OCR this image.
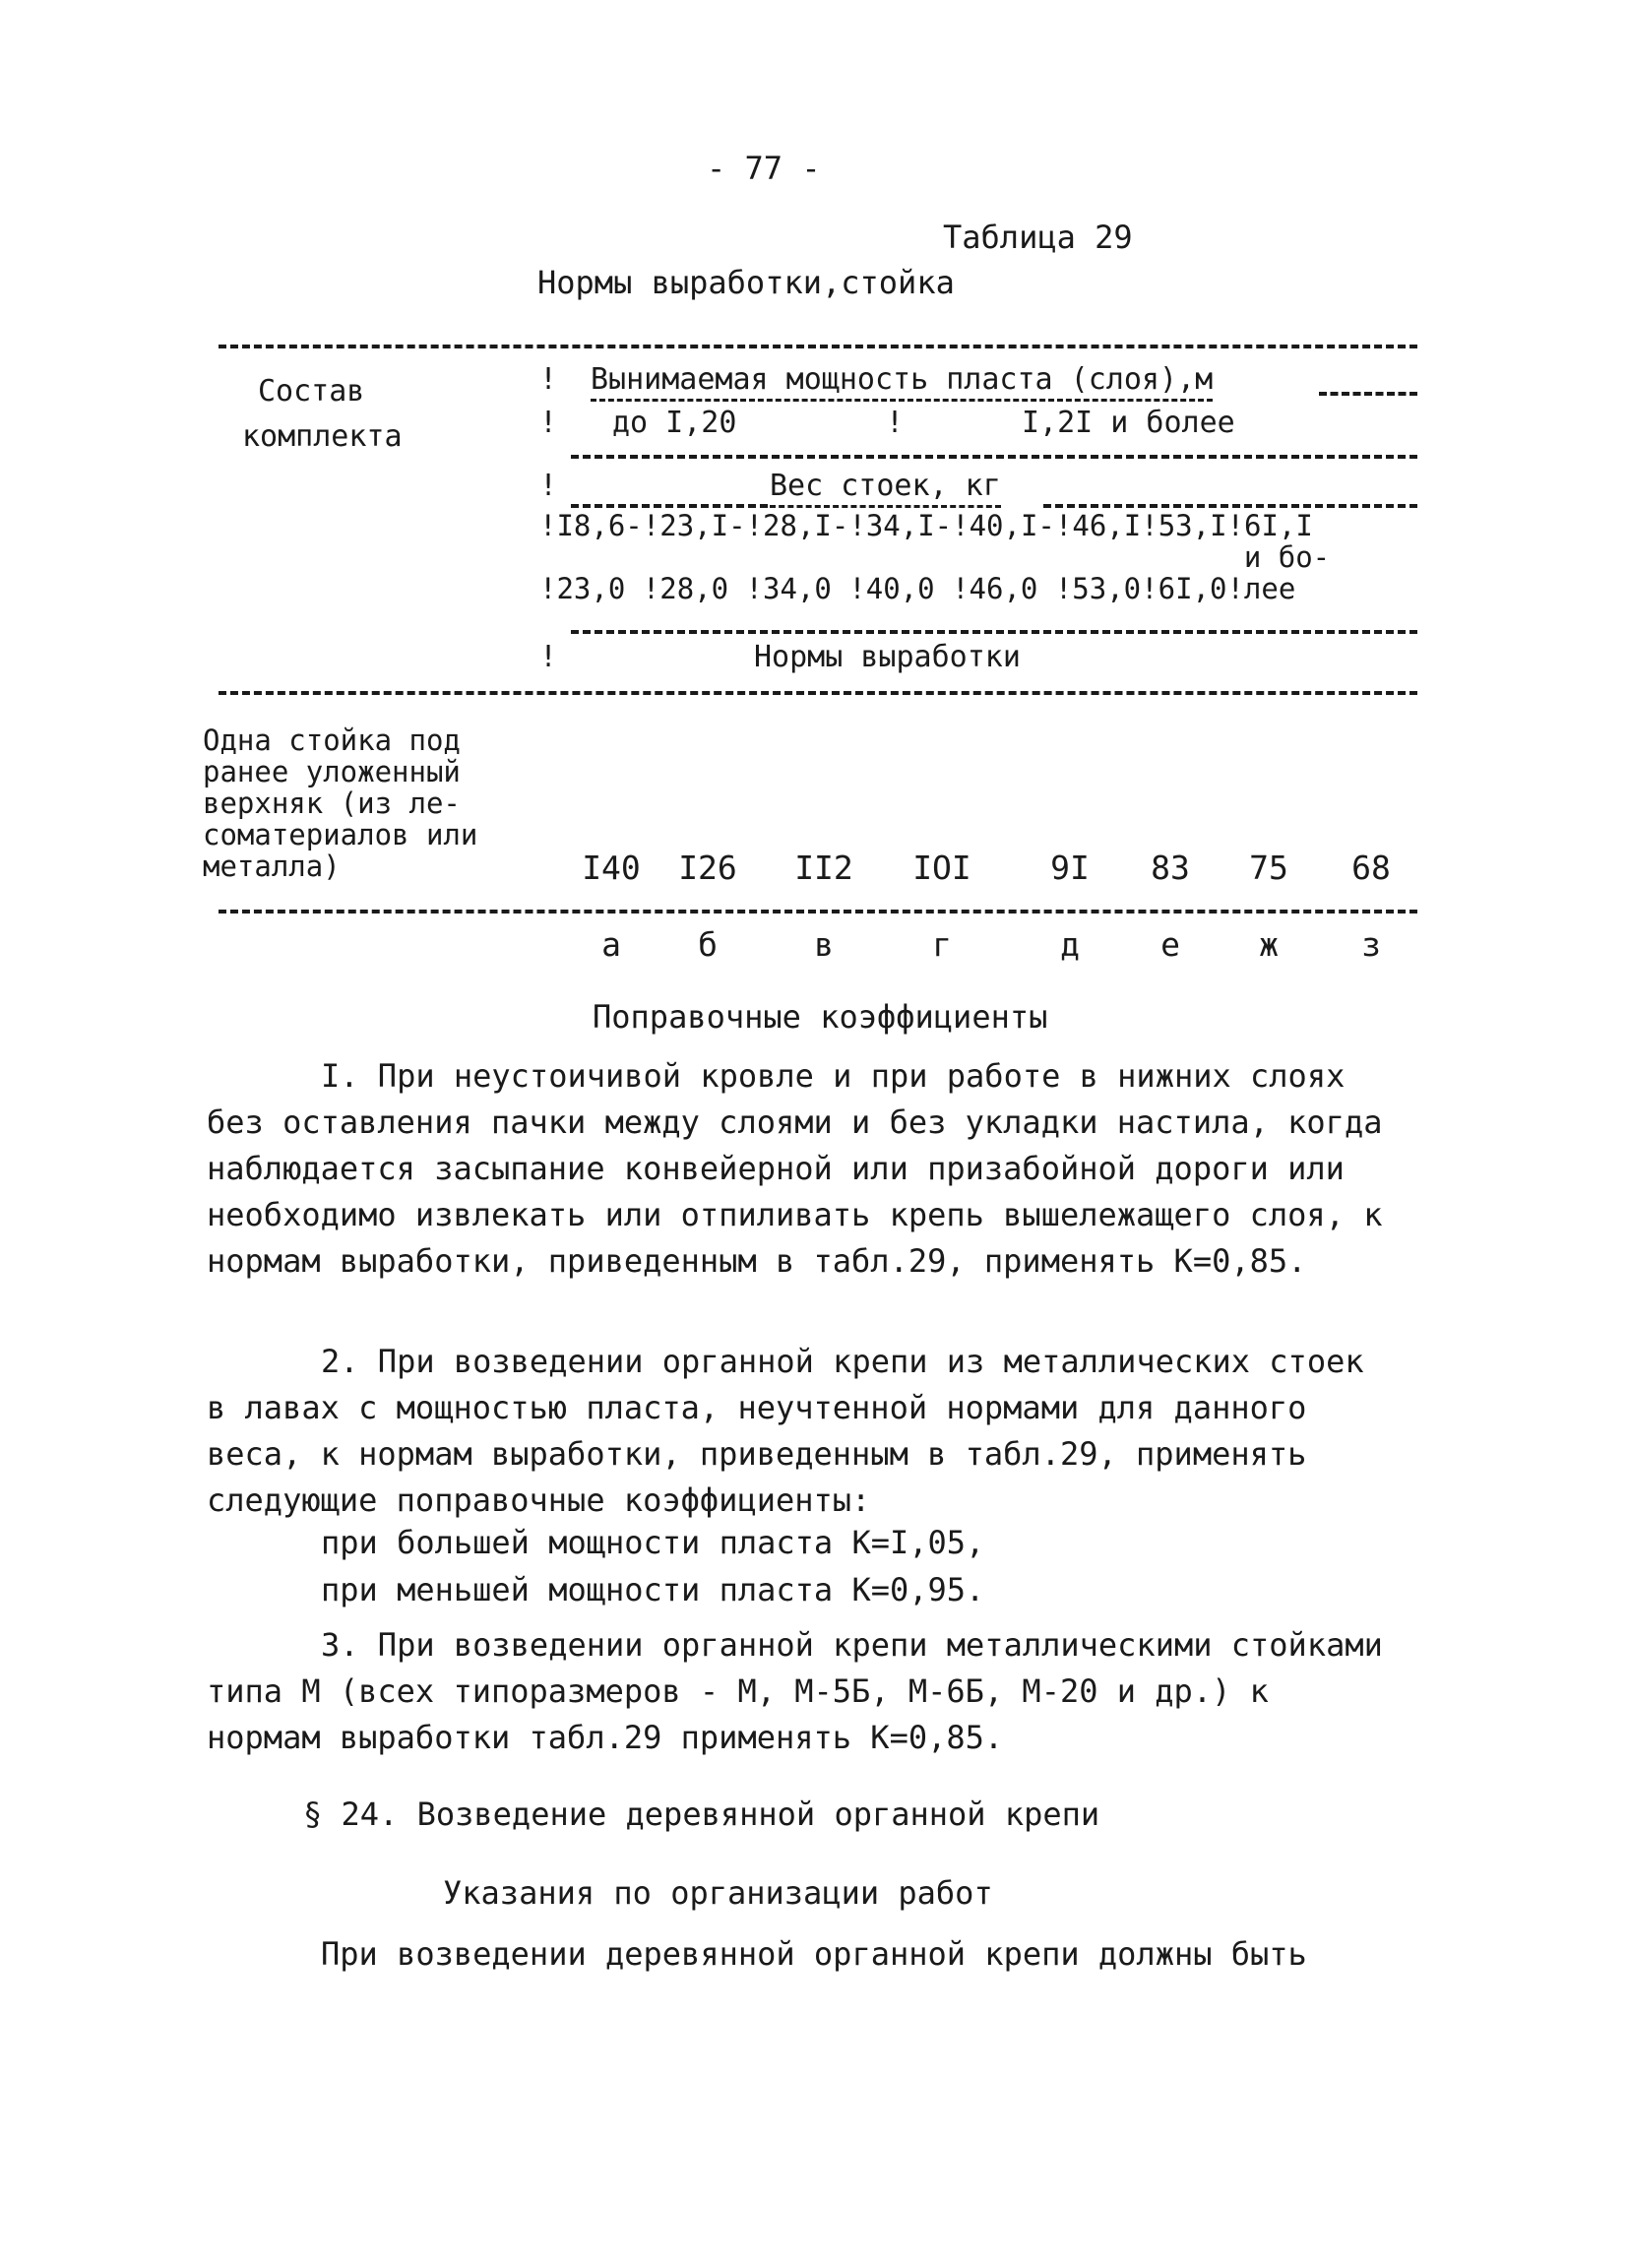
- 77 -
Таблица 29
Нормы выработки,стойка
Состав
комплекта
! Вынимаемая мощность пласта (слоя),м
! до I,20	!	I,2I и более
!	Вес стоек, кг
!I8,6-!23,I-!28,I-!34,I-!40,I-!46,I!53,I!6I,I
и бо-
!23,0 !28,0 !34,0 !40,0 !46,0 !53,0!6I,0!лее
!	Нормы выработки
Одна стойка под
ранее уложенный
верхняк (из ле-
соматериалов или
металла)	I40	I26	II2	IOI	9I	83	75	68
а	б	в	г	д	е	ж	з
Поправочные коэффициенты
I. При неустоичивой кровле и при работе в нижних слоях без оставления пачки между слоями и без укладки настила, когда наблюдается засыпание конвейерной или призабойной дороги или необходимо извлекать или отпиливать крепь вышележащего слоя, к нормам выработки, приведенным в табл.29, применять К=0,85.
2. При возведении органной крепи из металлических стоек в лавах с мощностью пласта, неучтенной нормами для данного веса, к нормам выработки, приведенным в табл.29, применять следующие поправочные коэффициенты:
при большей мощности пласта К=I,05,
при меньшей мощности пласта К=0,95.
3. При возведении органной крепи металлическими стойками типа М (всех типоразмеров - М, М-5Б, М-6Б, М-20 и др.) к нормам выработки табл.29 применять К=0,85.
§ 24. Возведение деревянной органной крепи
Указания по организации работ
При возведении деревянной органной крепи должны быть
